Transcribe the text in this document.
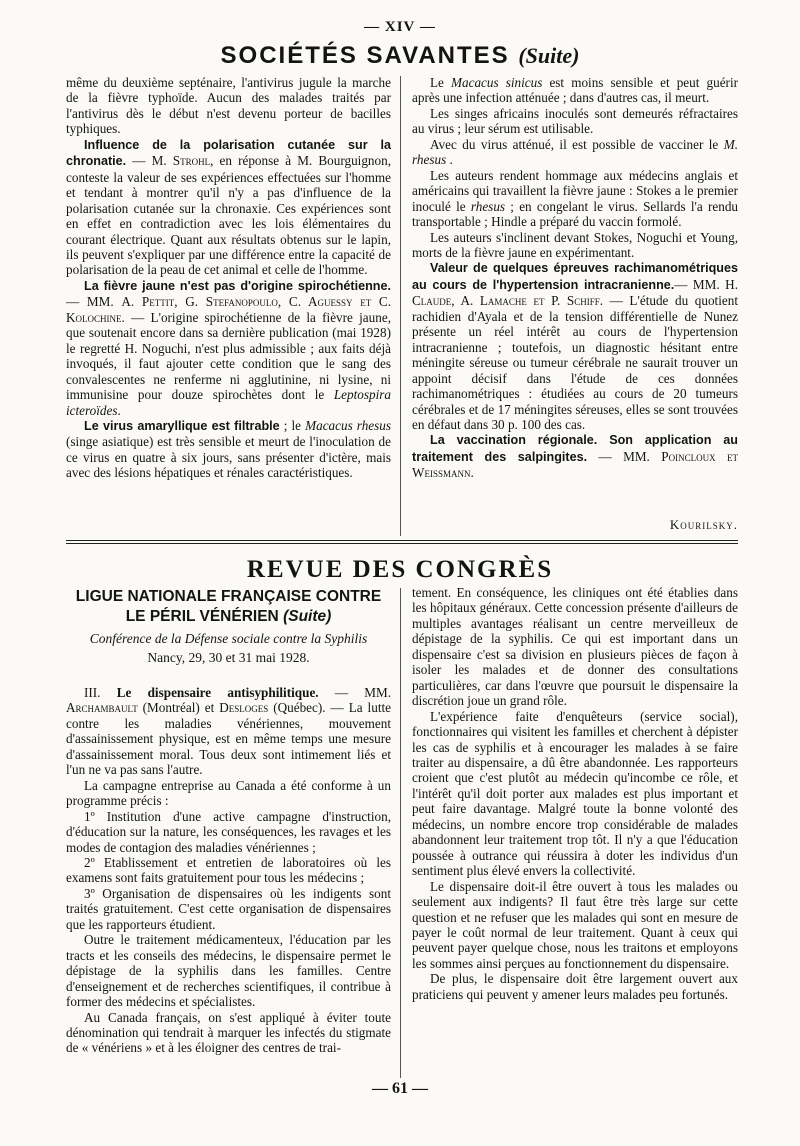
— XIV —
SOCIÉTÉS SAVANTES (Suite)

même du deuxième septénaire, l'antivirus jugule la marche de la fièvre typhoïde. Aucun des malades traités par l'antivirus dès le début n'est devenu porteur de bacilles typhiques.

Influence de la polarisation cutanée sur la chronatie. — M. Strohl, en réponse à M. Bourguignon, conteste la valeur de ses expériences effectuées sur l'homme et tendant à montrer qu'il n'y a pas d'influence de la polarisation cutanée sur la chronaxie. Ces expériences sont en effet en contradiction avec les lois élémentaires du courant électrique. Quant aux résultats obtenus sur le lapin, ils peuvent s'expliquer par une différence entre la capacité de polarisation de la peau de cet animal et celle de l'homme.

La fièvre jaune n'est pas d'origine spirochétienne. — MM. A. Pettit, G. Stefanopoulo, C. Aguessy et C. Kolochine. — L'origine spirochétienne de la fièvre jaune, que soutenait encore dans sa dernière publication (mai 1928) le regretté H. Noguchi, n'est plus admissible ; aux faits déjà invoqués, il faut ajouter cette condition que le sang des convalescentes ne renferme ni agglutinine, ni lysine, ni immunisine pour douze spirochètes dont le Leptospira icteroïdes.

Le virus amaryllique est filtrable ; le Macacus rhesus (singe asiatique) est très sensible et meurt de l'inoculation de ce virus en quatre à six jours, sans présenter d'ictère, mais avec des lésions hépatiques et rénales caractéristiques.

Le Macacus sinicus est moins sensible et peut guérir après une infection atténuée ; dans d'autres cas, il meurt.

Les singes africains inoculés sont demeurés réfractaires au virus ; leur sérum est utilisable.

Avec du virus atténué, il est possible de vacciner le M. rhesus .

Les auteurs rendent hommage aux médecins anglais et américains qui travaillent la fièvre jaune : Stokes a le premier inoculé le rhesus ; en congelant le virus. Sellards l'a rendu transportable ; Hindle a préparé du vaccin formolé.

Les auteurs s'inclinent devant Stokes, Noguchi et Young, morts de la fièvre jaune en expérimentant.

Valeur de quelques épreuves rachimanométriques au cours de l'hypertension intracranienne.— MM. H. Claude, A. Lamache et P. Schiff. — L'étude du quotient rachidien d'Ayala et de la tension différentielle de Nunez présente un réel intérêt au cours de l'hypertension intracranienne ; toutefois, un diagnostic hésitant entre méningite séreuse ou tumeur cérébrale ne saurait trouver un appoint décisif dans l'étude de ces données rachimanométriques : étudiées au cours de 20 tumeurs cérébrales et de 17 méningites séreuses, elles se sont trouvées en défaut dans 30 p. 100 des cas.

La vaccination régionale. Son application au traitement des salpingites. — MM. Poincloux et Weissmann.

Kourilsky.
REVUE DES CONGRÈS
LIGUE NATIONALE FRANÇAISE CONTRE LE PÉRIL VÉNÉRIEN (Suite)
Conférence de la Défense sociale contre la Syphilis
Nancy, 29, 30 et 31 mai 1928.

III. Le dispensaire antisyphilitique. — MM. Archambault (Montréal) et Desloges (Québec). — La lutte contre les maladies vénériennes, mouvement d'assainissement physique, est en même temps une mesure d'assainissement moral. Tous deux sont intimement liés et l'un ne va pas sans l'autre.

La campagne entreprise au Canada a été conforme à un programme précis :

1º Institution d'une active campagne d'instruction, d'éducation sur la nature, les conséquences, les ravages et les modes de contagion des maladies vénériennes ;

2º Etablissement et entretien de laboratoires où les examens sont faits gratuitement pour tous les médecins ;

3º Organisation de dispensaires où les indigents sont traités gratuitement. C'est cette organisation de dispensaires que les rapporteurs étudient.

Outre le traitement médicamenteux, l'éducation par les tracts et les conseils des médecins, le dispensaire permet le dépistage de la syphilis dans les familles. Centre d'enseignement et de recherches scientifiques, il contribue à former des médecins et spécialistes.

Au Canada français, on s'est appliqué à éviter toute dénomination qui tendrait à marquer les infectés du stigmate de « vénériens » et à les éloigner des centres de trai-

tement. En conséquence, les cliniques ont été établies dans les hôpitaux généraux. Cette concession présente d'ailleurs de multiples avantages réalisant un centre merveilleux de dépistage de la syphilis. Ce qui est important dans un dispensaire c'est sa division en plusieurs pièces de façon à isoler les malades et de donner des consultations particulières, car dans l'œuvre que poursuit le dispensaire la discrétion joue un grand rôle.

L'expérience faite d'enquêteurs (service social), fonctionnaires qui visitent les familles et cherchent à dépister les cas de syphilis et à encourager les malades à se faire traiter au dispensaire, a dû être abandonnée. Les rapporteurs croient que c'est plutôt au médecin qu'incombe ce rôle, et l'intérêt qu'il doit porter aux malades est plus important et peut faire davantage. Malgré toute la bonne volonté des médecins, un nombre encore trop considérable de malades abandonnent leur traitement trop tôt. Il n'y a que l'éducation poussée à outrance qui réussira à doter les individus d'un sentiment plus élevé envers la collectivité.

Le dispensaire doit-il être ouvert à tous les malades ou seulement aux indigents? Il faut être très large sur cette question et ne refuser que les malades qui sont en mesure de payer le coût normal de leur traitement. Quant à ceux qui peuvent payer quelque chose, nous les traitons et employons les sommes ainsi perçues au fonctionnement du dispensaire.

De plus, le dispensaire doit être largement ouvert aux praticiens qui peuvent y amener leurs malades peu fortunés.

— 61 —
